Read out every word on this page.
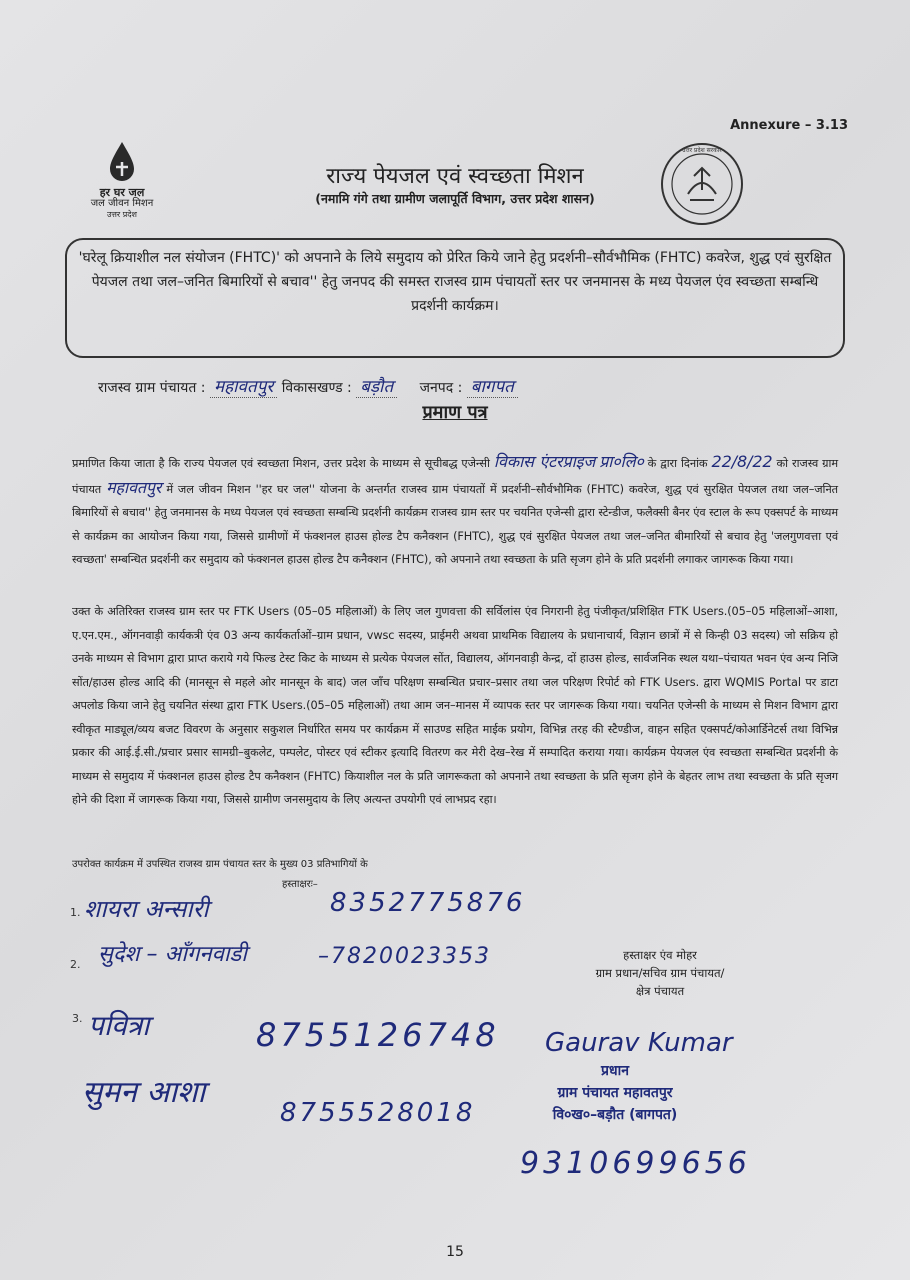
Annexure – 3.13
हर घर जल
जल जीवन मिशन
उत्तर प्रदेश
उत्तर प्रदेश सरकार
राज्य पेयजल एवं स्वच्छता मिशन
(नमामि गंगे तथा ग्रामीण जलापूर्ति विभाग, उत्तर प्रदेश शासन)
'घरेलू क्रियाशील नल संयोजन (FHTC)' को अपनाने के लिये समुदाय को प्रेरित किये जाने हेतु प्रदर्शनी–सौर्वभौमिक (FHTC) कवरेज, शुद्ध एवं सुरक्षित पेयजल तथा जल–जनित बिमारियों से बचाव'' हेतु जनपद की समस्त राजस्व ग्राम पंचायतों स्तर पर जनमानस के मध्य पेयजल एंव स्वच्छता सम्बन्धि प्रदर्शनी कार्यक्रम।
राजस्व ग्राम पंचायत : महावतपुर विकासखण्ड : बड़ौत जनपद : बागपत
प्रमाण पत्र
प्रमाणित किया जाता है कि राज्य पेयजल एवं स्वच्छता मिशन, उत्तर प्रदेश के माध्यम से सूचीबद्ध एजेन्सी विकास एंटरप्राइज प्रा०लि० के द्वारा दिनांक 22/8/22 को राजस्व ग्राम पंचायत महावतपुर में जल जीवन मिशन ''हर घर जल'' योजना के अन्तर्गत राजस्व ग्राम पंचायतों में प्रदर्शनी–सौर्वभौमिक (FHTC) कवरेज, शुद्ध एवं सुरक्षित पेयजल तथा जल–जनित बिमारियों से बचाव'' हेतु जनमानस के मध्य पेयजल एवं स्वच्छता सम्बन्धि प्रदर्शनी कार्यक्रम राजस्व ग्राम स्तर पर चयनित एजेन्सी द्वारा स्टेन्डीज, फलैक्सी बैनर एंव स्टाल के रूप एक्सपर्ट के माध्यम से कार्यक्रम का आयोजन किया गया, जिससे ग्रामीणों में फंक्शनल हाउस होल्ड टैप कनैक्शन (FHTC), शुद्ध एवं सुरक्षित पेयजल तथा जल–जनित बीमारियों से बचाव हेतु 'जलगुणवत्ता एवं स्वच्छता' सम्बन्धित प्रदर्शनी कर समुदाय को फंक्शनल हाउस होल्ड टैप कनैक्शन (FHTC), को अपनाने तथा स्वच्छता के प्रति सृजग होने के प्रति प्रदर्शनी लगाकर जागरूक किया गया।
उक्त के अतिरिक्त राजस्व ग्राम स्तर पर FTK Users (05–05 महिलाओं) के लिए जल गुणवत्ता की सर्विलांस एंव निगरानी हेतु पंजीकृत/प्रशिक्षित FTK Users.(05–05 महिलाओं–आशा, ए.एन.एम., ऑगनवाड़ी कार्यकत्री एंव 03 अन्य कार्यकर्ताओं–ग्राम प्रधान, vwsc सदस्य, प्राईमरी अथवा प्राथमिक विद्यालय के प्रधानाचार्य, विज्ञान छात्रों में से किन्ही 03 सदस्य) जो सक्रिय हो उनके माध्यम से विभाग द्वारा प्राप्त कराये गये फिल्ड टेस्ट किट के माध्यम से प्रत्येक पेयजल सोंत, विद्यालय, ऑगनवाड़ी केन्द्र, दों हाउस होल्ड, सार्वजनिक स्थल यथा–पंचायत भवन एंव अन्य निजि सोंत/हाउस होल्ड आदि की (मानसून से महले ओर मानसून के बाद) जल जाँच परिक्षण सम्बन्धित प्रचार–प्रसार तथा जल परिक्षण रिपोर्ट को FTK Users. द्वारा WQMIS Portal पर डाटा अपलोड किया जाने हेतु चयनित संस्था द्वारा FTK Users.(05–05 महिलाओं) तथा आम जन–मानस में व्यापक स्तर पर जागरूक किया गया। चयनित एजेन्सी के माध्यम से मिशन विभाग द्वारा स्वीकृत माड्यूल/व्यय बजट विवरण के अनुसार सकुशल निर्धारित समय पर कार्यक्रम में साउण्ड सहित माईक प्रयोग, विभिन्न तरह की स्टैण्डीज, वाहन सहित एक्सपर्ट/कोआर्डिनेटर्स तथा विभिन्न प्रकार की आई.ई.सी./प्रचार प्रसार सामग्री–बुकलेट, पम्पलेट, पोस्टर एवं स्टीकर इत्यादि वितरण कर मेरी देख–रेख में सम्पादित कराया गया। कार्यक्रम पेयजल एंव स्वच्छता सम्बन्धित प्रदर्शनी के माध्यम से समुदाय में फंक्शनल हाउस होल्ड टैप कनैक्शन (FHTC) कियाशील नल के प्रति जागरूकता को अपनाने तथा स्वच्छता के प्रति सृजग होने के बेहतर लाभ तथा स्वच्छता के प्रति सृजग होने की दिशा में जागरूक किया गया, जिससे ग्रामीण जनसमुदाय के लिए अत्यन्त उपयोगी एवं लाभप्रद रहा।
उपरोक्त कार्यक्रम में उपस्थित राजस्व ग्राम पंचायत स्तर के मुख्य 03 प्रतिभागियों के
हस्ताक्षरः–
1. शायरा अन्सारी	8352775876
2. सुदेश – आँगनवाडी	–7820023353
3. पवित्रा	8755126748
सुमन आशा
8755528018
हस्ताक्षर एंव मोहर
ग्राम प्रधान/सचिव ग्राम पंचायत/
क्षेत्र पंचायत
Gaurav Kumar
प्रधान
ग्राम पंचायत महावतपुर
वि०ख०–बड़ौत (बागपत)
9310699656
15
